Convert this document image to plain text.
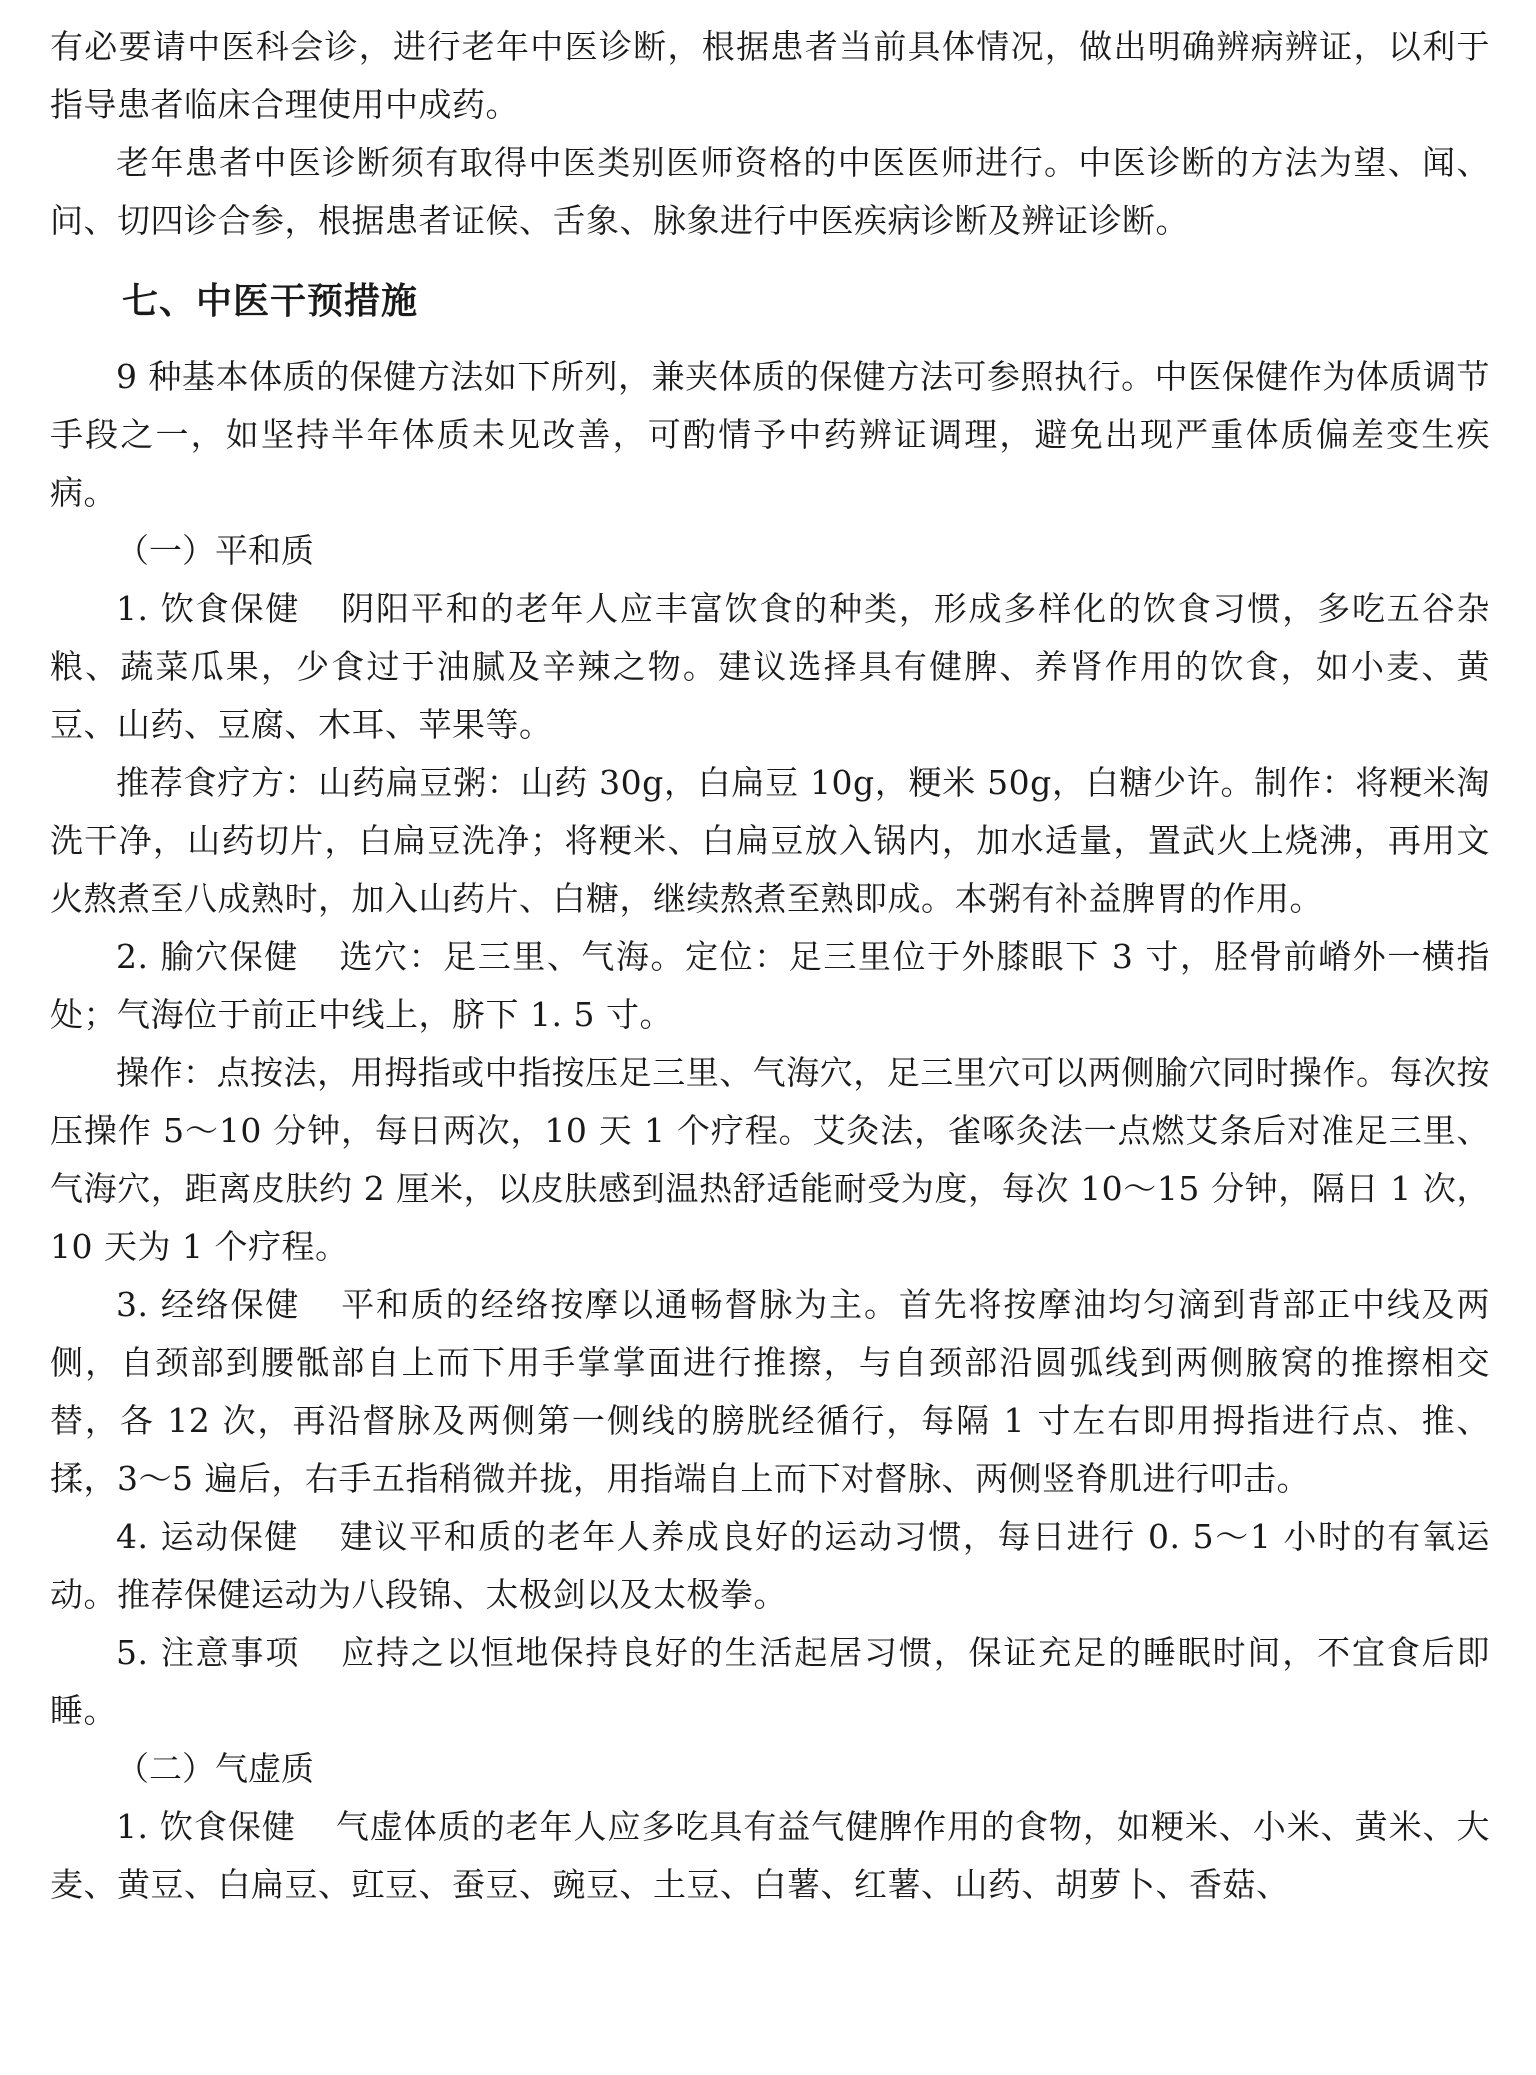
有必要请中医科会诊，进行老年中医诊断，根据患者当前具体情况，做出明确辨病辨证，以利于指导患者临床合理使用中成药。

老年患者中医诊断须有取得中医类别医师资格的中医医师进行。中医诊断的方法为望、闻、问、切四诊合参，根据患者证候、舌象、脉象进行中医疾病诊断及辨证诊断。

七、中医干预措施

9 种基本体质的保健方法如下所列，兼夹体质的保健方法可参照执行。中医保健作为体质调节手段之一，如坚持半年体质未见改善，可酌情予中药辨证调理，避免出现严重体质偏差变生疾病。

（一）平和质

1. 饮食保健 阴阳平和的老年人应丰富饮食的种类，形成多样化的饮食习惯，多吃五谷杂粮、蔬菜瓜果，少食过于油腻及辛辣之物。建议选择具有健脾、养肾作用的饮食，如小麦、黄豆、山药、豆腐、木耳、苹果等。

推荐食疗方：山药扁豆粥：山药 30g，白扁豆 10g，粳米 50g，白糖少许。制作：将粳米淘洗干净，山药切片，白扁豆洗净；将粳米、白扁豆放入锅内，加水适量，置武火上烧沸，再用文火熬煮至八成熟时，加入山药片、白糖，继续熬煮至熟即成。本粥有补益脾胃的作用。

2. 腧穴保健 选穴：足三里、气海。定位：足三里位于外膝眼下 3 寸，胫骨前嵴外一横指处；气海位于前正中线上，脐下 1. 5 寸。

操作：点按法，用拇指或中指按压足三里、气海穴，足三里穴可以两侧腧穴同时操作。每次按压操作 5～10 分钟，每日两次，10 天 1 个疗程。艾灸法，雀啄灸法一点燃艾条后对准足三里、气海穴，距离皮肤约 2 厘米，以皮肤感到温热舒适能耐受为度，每次 10～15 分钟，隔日 1 次，10 天为 1 个疗程。

3. 经络保健 平和质的经络按摩以通畅督脉为主。首先将按摩油均匀滴到背部正中线及两侧，自颈部到腰骶部自上而下用手掌掌面进行推擦，与自颈部沿圆弧线到两侧腋窝的推擦相交替，各 12 次，再沿督脉及两侧第一侧线的膀胱经循行，每隔 1 寸左右即用拇指进行点、推、揉，3～5 遍后，右手五指稍微并拢，用指端自上而下对督脉、两侧竖脊肌进行叩击。

4. 运动保健 建议平和质的老年人养成良好的运动习惯，每日进行 0. 5～1 小时的有氧运动。推荐保健运动为八段锦、太极剑以及太极拳。

5. 注意事项 应持之以恒地保持良好的生活起居习惯，保证充足的睡眠时间，不宜食后即睡。

（二）气虚质

1. 饮食保健 气虚体质的老年人应多吃具有益气健脾作用的食物，如粳米、小米、黄米、大麦、黄豆、白扁豆、豇豆、蚕豆、豌豆、土豆、白薯、红薯、山药、胡萝卜、香菇、
